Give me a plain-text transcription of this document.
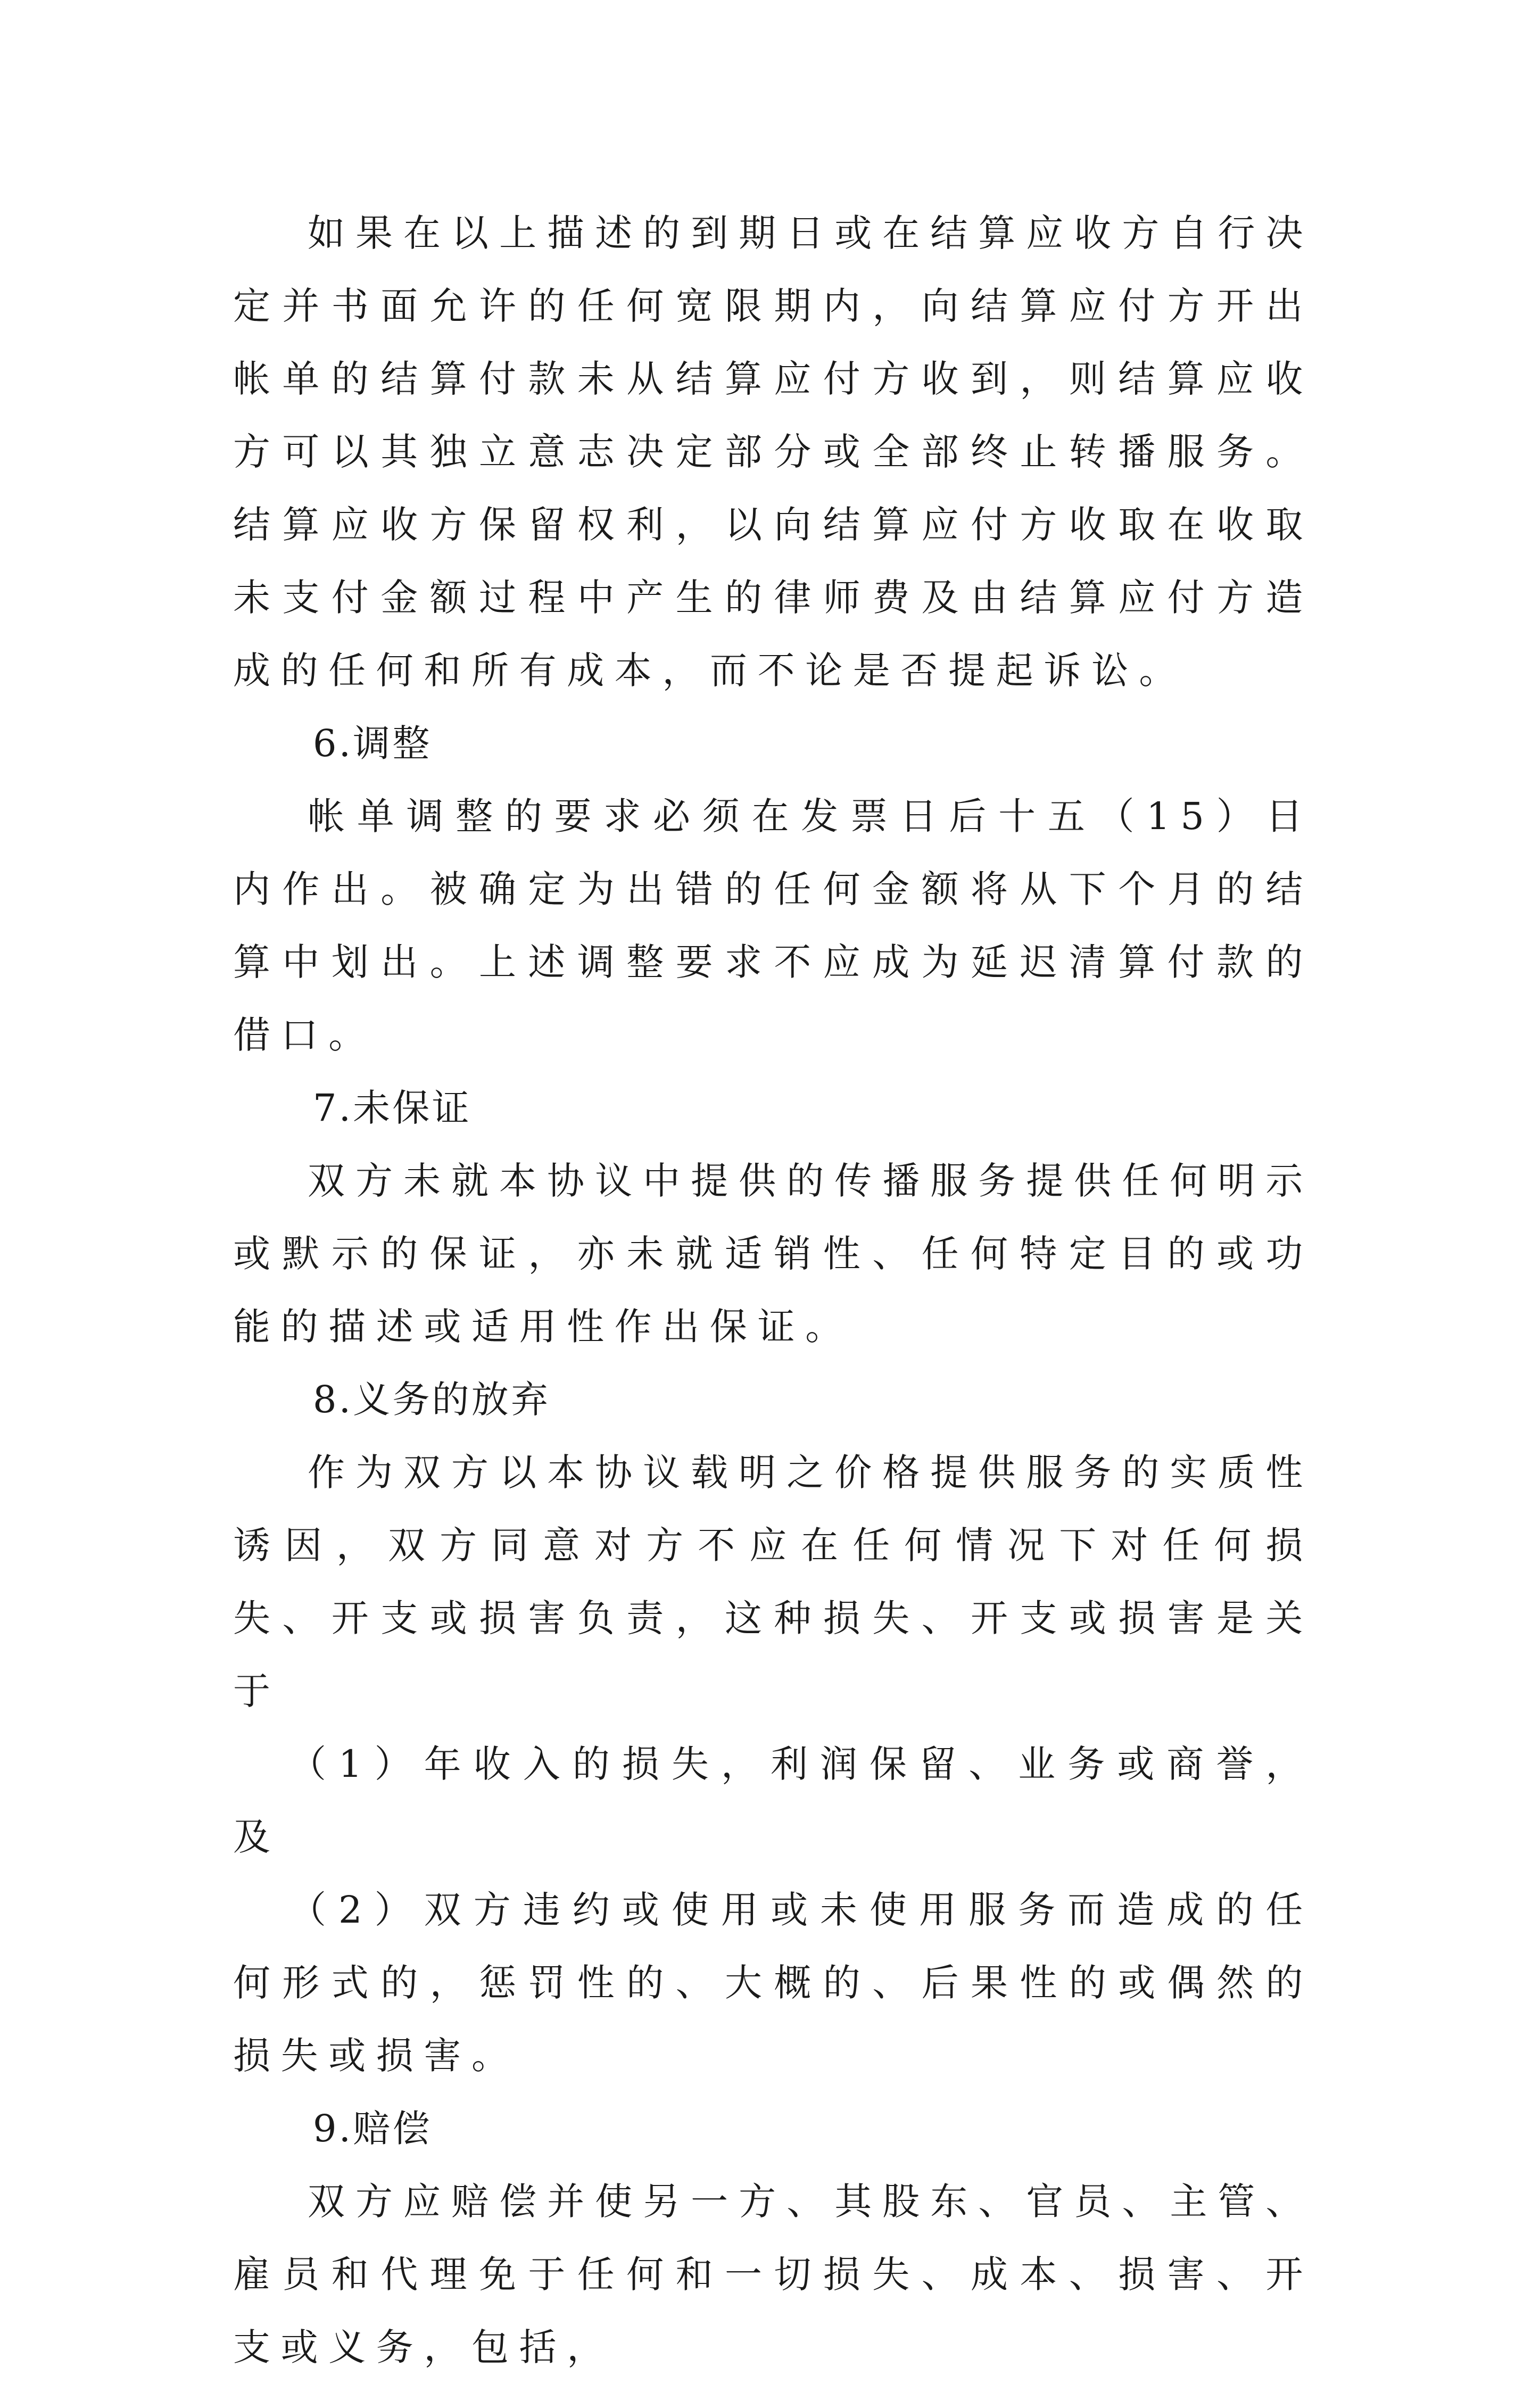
如果在以上描述的到期日或在结算应收方自行决定并书面允许的任何宽限期内，向结算应付方开出帐单的结算付款未从结算应付方收到，则结算应收方可以其独立意志决定部分或全部终止转播服务。结算应收方保留权利，以向结算应付方收取在收取未支付金额过程中产生的律师费及由结算应付方造成的任何和所有成本，而不论是否提起诉讼。

6.调整

帐单调整的要求必须在发票日后十五（15）日内作出。被确定为出错的任何金额将从下个月的结算中划出。上述调整要求不应成为延迟清算付款的借口。

7.未保证

双方未就本协议中提供的传播服务提供任何明示或默示的保证，亦未就适销性、任何特定目的或功能的描述或适用性作出保证。

8.义务的放弃

作为双方以本协议载明之价格提供服务的实质性诱因，双方同意对方不应在任何情况下对任何损失、开支或损害负责，这种损失、开支或损害是关于

（1）年收入的损失，利润保留、业务或商誉，及

（2）双方违约或使用或未使用服务而造成的任何形式的，惩罚性的、大概的、后果性的或偶然的损失或损害。

9.赔偿

双方应赔偿并使另一方、其股东、官员、主管、雇员和代理免于任何和一切损失、成本、损害、开支或义务，包括，
